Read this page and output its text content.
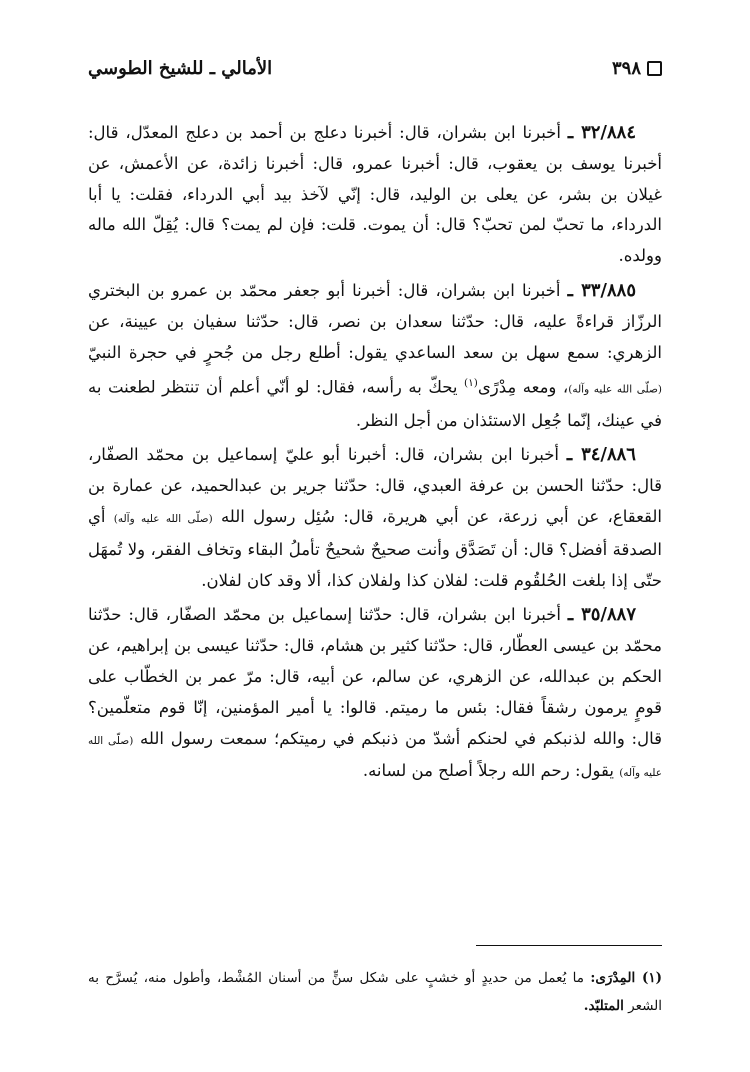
٣٩٨
الأمالي ـ للشيخ الطوسي

٣٢/٨٨٤ ـ أخبرنا ابن بشران، قال: أخبرنا دعلج بن أحمد بن دعلج المعدّل، قال: أخبرنا يوسف بن يعقوب، قال: أخبرنا عمرو، قال: أخبرنا زائدة، عن الأعمش، عن غيلان بن بشر، عن يعلى بن الوليد، قال: إنّي لآخذ بيد أبي الدرداء، فقلت: يا أبا الدرداء، ما تحبّ لمن تحبّ؟ قال: أن يموت. قلت: فإن لم يمت؟ قال: يُقِلّ الله ماله وولده.

٣٣/٨٨٥ ـ أخبرنا ابن بشران، قال: أخبرنا أبو جعفر محمّد بن عمرو بن البختري الرزّاز قراءةً عليه، قال: حدّثنا سعدان بن نصر، قال: حدّثنا سفيان بن عيينة، عن الزهري: سمع سهل بن سعد الساعدي يقول: أطلع رجل من جُحرٍ في حجرة النبيّ (صلّى الله عليه وآله)، ومعه مِدْرًى$^{(١)}$ يحكّ به رأسه، فقال: لو أنّي أعلم أن تنتظر لطعنت به في عينك، إنّما جُعِل الاستئذان من أجل النظر.

٣٤/٨٨٦ ـ أخبرنا ابن بشران، قال: أخبرنا أبو عليّ إسماعيل بن محمّد الصفّار، قال: حدّثنا الحسن بن عرفة العبدي، قال: حدّثنا جرير بن عبدالحميد، عن عمارة بن القعقاع، عن أبي زرعة، عن أبي هريرة، قال: سُئِل رسول الله (صلّى الله عليه وآله) أي الصدقة أفضل؟ قال: أن تَصَدَّق وأنت صحيحٌ شحيحٌ تأملُ البقاء وتخاف الفقر، ولا تُمهَل حتّى إذا بلغت الحُلقُوم قلت: لفلان كذا ولفلان كذا، ألا وقد كان لفلان.

٣٥/٨٨٧ ـ أخبرنا ابن بشران، قال: حدّثنا إسماعيل بن محمّد الصفّار، قال: حدّثنا محمّد بن عيسى العطّار، قال: حدّثنا كثير بن هشام، قال: حدّثنا عيسى بن إبراهيم، عن الحكم بن عبدالله، عن الزهري، عن سالم، عن أبيه، قال: مرّ عمر بن الخطّاب على قومٍ يرمون رشقاً فقال: بئس ما رميتم. قالوا: يا أمير المؤمنين، إنّا قوم متعلّمين؟ قال: والله لذنبكم في لحنكم أشدّ من ذنبكم في رميتكم؛ سمعت رسول الله (صلّى الله عليه وآله) يقول: رحم الله رجلاً أصلح من لسانه.

(١) المِدْرَى: ما يُعمل من حديدٍ أو خشبٍ على شكل سنٍّ من أسنان المُشْط، وأطول منه، يُسرَّح به الشعر المتلبّد.
